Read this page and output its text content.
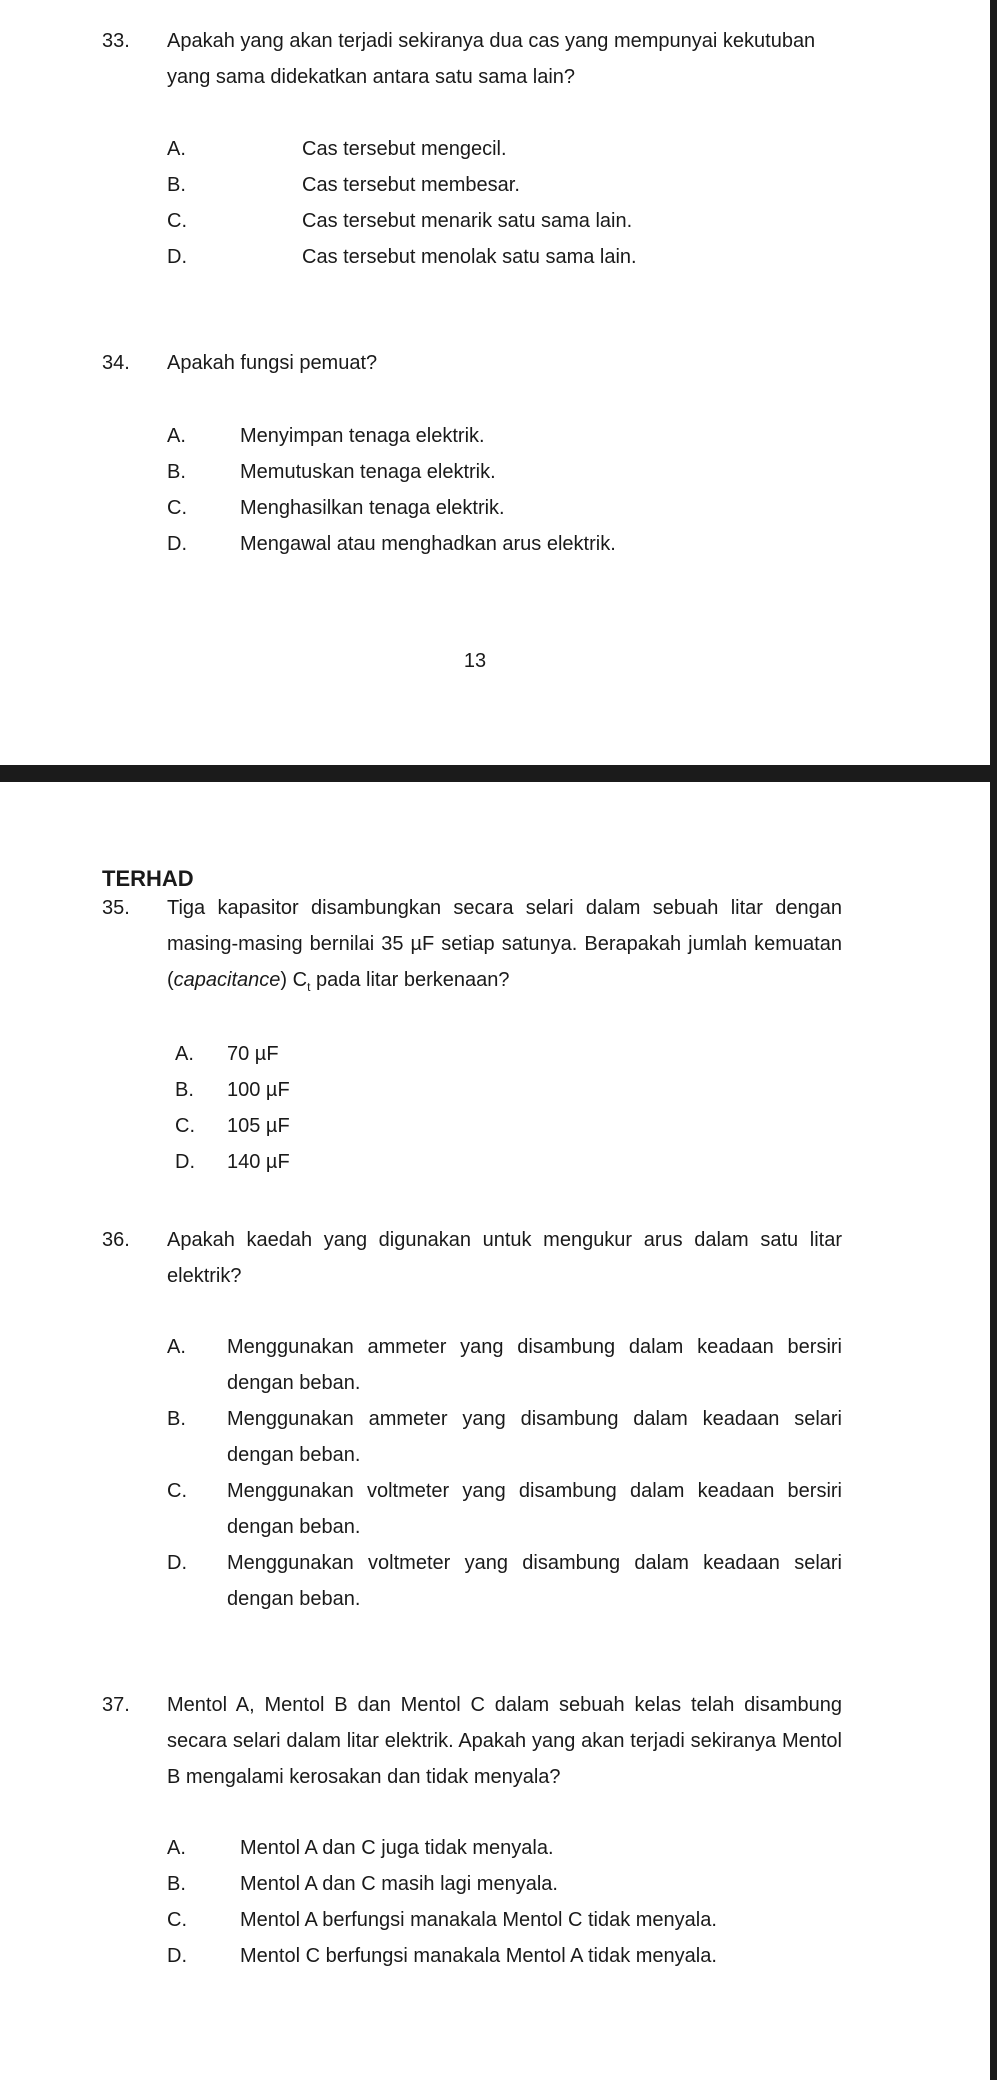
33. Apakah yang akan terjadi sekiranya dua cas yang mempunyai kekutuban yang sama didekatkan antara satu sama lain?
A.	Cas tersebut mengecil.
B.	Cas tersebut membesar.
C.	Cas tersebut menarik satu sama lain.
D.	Cas tersebut menolak satu sama lain.
34. Apakah fungsi pemuat?
A.	Menyimpan tenaga elektrik.
B.	Memutuskan tenaga elektrik.
C.	Menghasilkan tenaga elektrik.
D.	Mengawal atau menghadkan arus elektrik.
13
TERHAD
35. Tiga kapasitor disambungkan secara selari dalam sebuah litar dengan masing-masing bernilai 35 µF setiap satunya. Berapakah jumlah kemuatan (capacitance) $C_t$ pada litar berkenaan?
A. 70 µF
B. 100 µF
C. 105 µF
D. 140 µF
36. Apakah kaedah yang digunakan untuk mengukur arus dalam satu litar elektrik?
A. Menggunakan ammeter yang disambung dalam keadaan bersiri dengan beban.
B. Menggunakan ammeter yang disambung dalam keadaan selari dengan beban.
C. Menggunakan voltmeter yang disambung dalam keadaan bersiri dengan beban.
D. Menggunakan voltmeter yang disambung dalam keadaan selari dengan beban.
37. Mentol A, Mentol B dan Mentol C dalam sebuah kelas telah disambung secara selari dalam litar elektrik. Apakah yang akan terjadi sekiranya Mentol B mengalami kerosakan dan tidak menyala?
A.	Mentol A dan C juga tidak menyala.
B.	Mentol A dan C masih lagi menyala.
C.	Mentol A berfungsi manakala Mentol C tidak menyala.
D.	Mentol C berfungsi manakala Mentol A tidak menyala.
